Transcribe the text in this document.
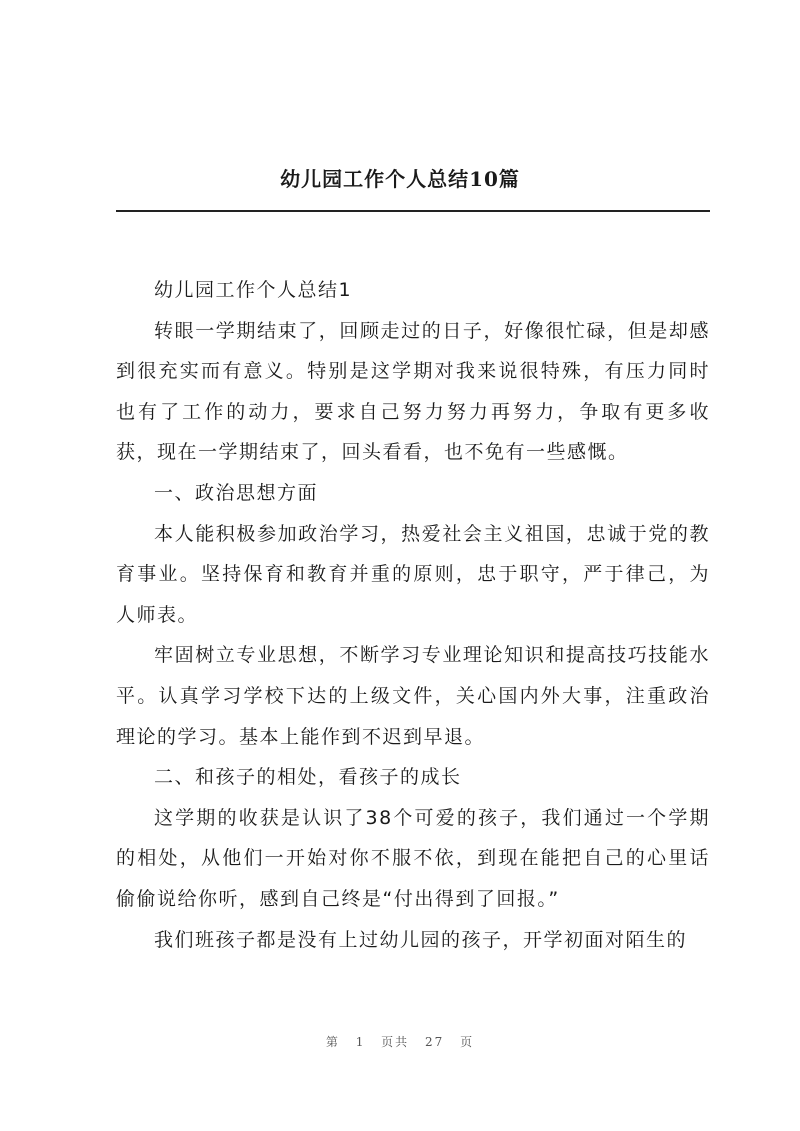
幼儿园工作个人总结10篇

幼儿园工作个人总结1

转眼一学期结束了，回顾走过的日子，好像很忙碌，但是却感到很充实而有意义。特别是这学期对我来说很特殊，有压力同时也有了工作的动力，要求自己努力努力再努力，争取有更多收获，现在一学期结束了，回头看看，也不免有一些感慨。

一、政治思想方面

本人能积极参加政治学习，热爱社会主义祖国，忠诚于党的教育事业。坚持保育和教育并重的原则，忠于职守，严于律己，为人师表。

牢固树立专业思想，不断学习专业理论知识和提高技巧技能水平。认真学习学校下达的上级文件，关心国内外大事，注重政治理论的学习。基本上能作到不迟到早退。

二、和孩子的相处，看孩子的成长

这学期的收获是认识了38个可爱的孩子，我们通过一个学期的相处，从他们一开始对你不服不依，到现在能把自己的心里话偷偷说给你听，感到自己终是“付出得到了回报。”

我们班孩子都是没有上过幼儿园的孩子，开学初面对陌生的

第 1 页共 27 页
